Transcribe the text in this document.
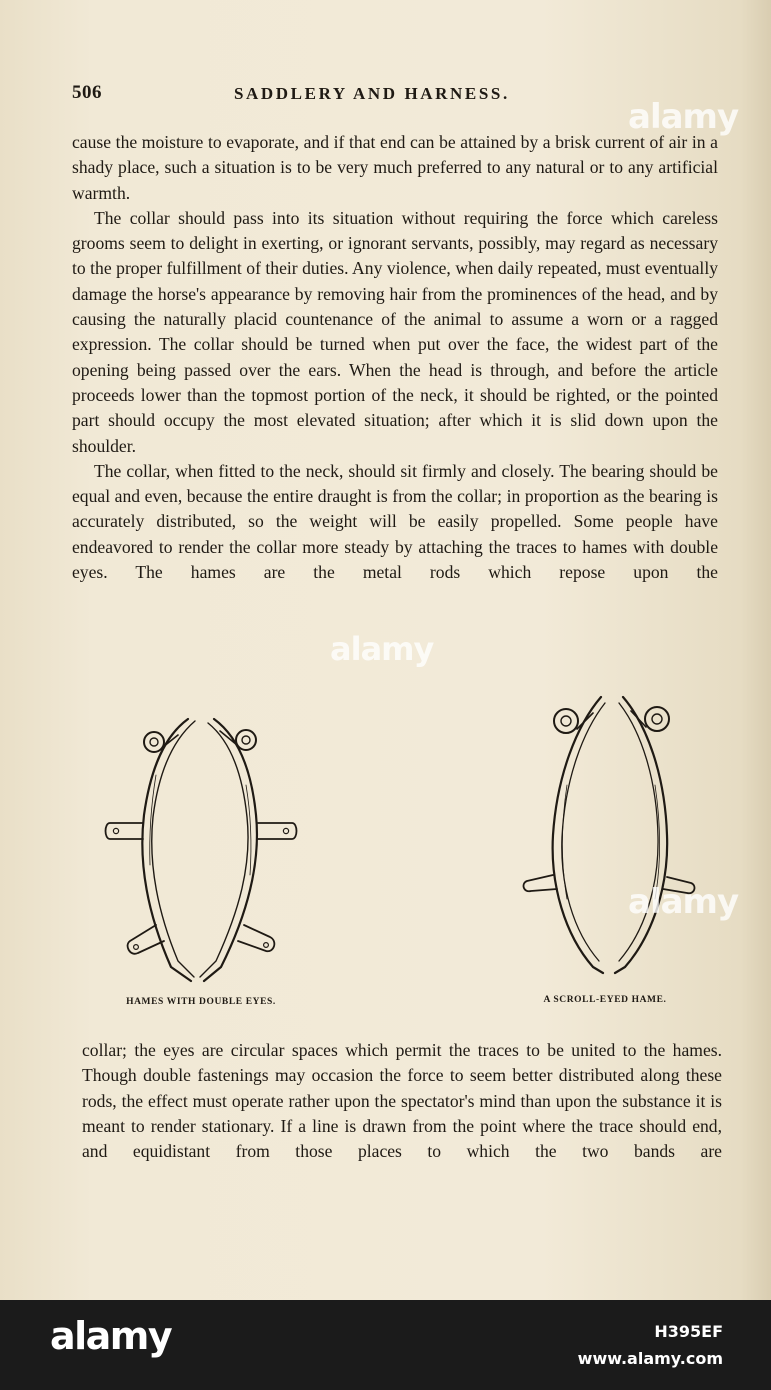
506	SADDLERY AND HARNESS.

cause the moisture to evaporate, and if that end can be attained by a brisk current of air in a shady place, such a situation is to be very much preferred to any natural or to any artificial warmth.

The collar should pass into its situation without requiring the force which careless grooms seem to delight in exerting, or ignorant servants, possibly, may regard as necessary to the proper fulfillment of their duties. Any violence, when daily repeated, must eventually damage the horse's appearance by removing hair from the prominences of the head, and by causing the naturally placid countenance of the animal to assume a worn or a ragged expression. The collar should be turned when put over the face, the widest part of the opening being passed over the ears. When the head is through, and before the article proceeds lower than the topmost portion of the neck, it should be righted, or the pointed part should occupy the most elevated situation; after which it is slid down upon the shoulder.

The collar, when fitted to the neck, should sit firmly and closely. The bearing should be equal and even, because the entire draught is from the collar; in proportion as the bearing is accurately distributed, so the weight will be easily propelled. Some people have endeavored to render the collar more steady by attaching the traces to hames with double eyes. The hames are the metal rods which repose upon the

HAMES WITH DOUBLE EYES.	A SCROLL-EYED HAME.

collar; the eyes are circular spaces which permit the traces to be united to the hames. Though double fastenings may occasion the force to seem better distributed along these rods, the effect must operate rather upon the spectator's mind than upon the substance it is meant to render stationary. If a line is drawn from the point where the trace should end, and equidistant from those places to which the two bands are

alamy
alamy
alamy
alamy	H395EF
www.alamy.com
